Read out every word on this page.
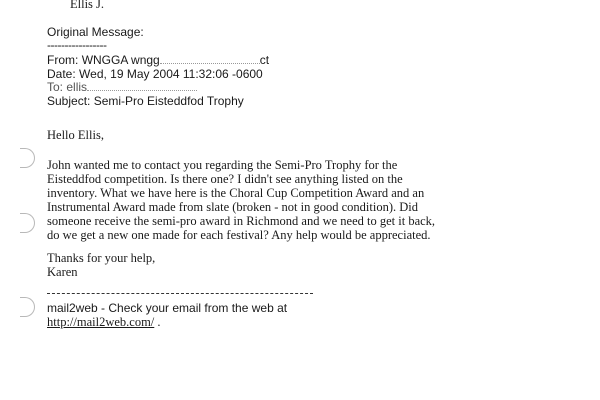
Ellis J.
Original Message:
-----------------
From: WNGGA wngg	ct
Date: Wed, 19 May 2004 11:32:06 -0600
To: ellis
Subject: Semi-Pro Eisteddfod Trophy
Hello Ellis,
John wanted me to contact you regarding the Semi-Pro Trophy for the
Eisteddfod competition. Is there one? I didn't see anything listed on the
inventory. What we have here is the Choral Cup Competition Award and an
Instrumental Award made from slate (broken - not in good condition). Did
someone receive the semi-pro award in Richmond and we need to get it back,
do we get a new one made for each festival? Any help would be appreciated.
Thanks for your help,
Karen
mail2web - Check your email from the web at
http://mail2web.com/ .
